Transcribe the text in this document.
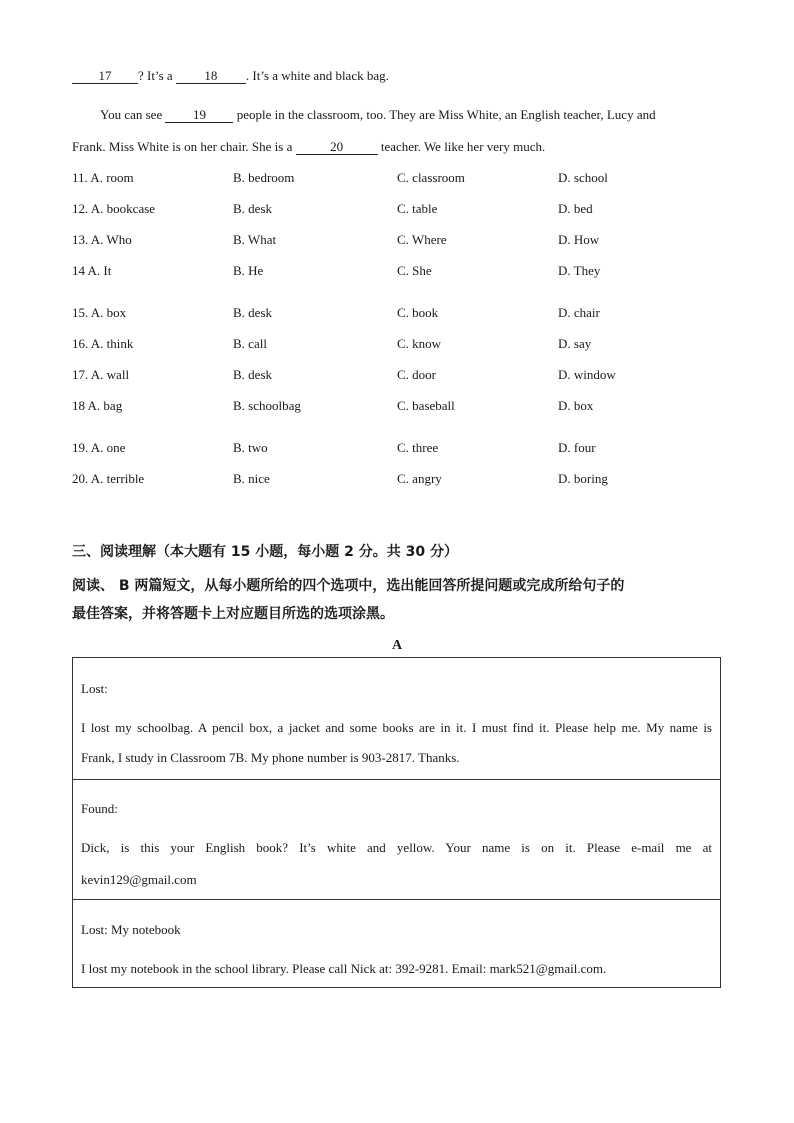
17 ? It’s a 18 . It’s a white and black bag.
You can see 19 people in the classroom, too. They are Miss White, an English teacher, Lucy and
Frank. Miss White is on her chair. She is a	20	teacher. We like her very much.
11. A. room	B. bedroom	C. classroom	D. school
12. A. bookcase	B. desk	C. table	D. bed
13. A. Who	B. What	C. Where	D. How
14 A. It	B. He	C. She	D. They
15. A. box	B. desk	C. book	D. chair
16. A. think	B. call	C. know	D. say
17. A. wall	B. desk	C. door	D. window
18 A. bag	B. schoolbag	C. baseball	D. box
19. A. one	B. two	C. three	D. four
20. A. terrible	B. nice	C. angry	D. boring
三、阅读理解（本大题有 15 小题，每小题 2 分。共 30 分）
阅读、 B 两篇短文，从每小题所给的四个选项中，选出能回答所提问题或完成所给句子的
最佳答案，并将答题卡上对应题目所选的选项涂黑。
A
Lost:
I lost my schoolbag. A pencil box, a jacket and some books are in it. I must find it. Please help me. My name is
Frank, I study in Classroom 7B. My phone number is 903-2817. Thanks.
Found:
Dick, is this your English book? It’s white and yellow. Your name is on it. Please e-mail me at
kevin129@gmail.com
Lost: My notebook
I lost my notebook in the school library. Please call Nick at: 392-9281. Email: mark521@gmail.com.
